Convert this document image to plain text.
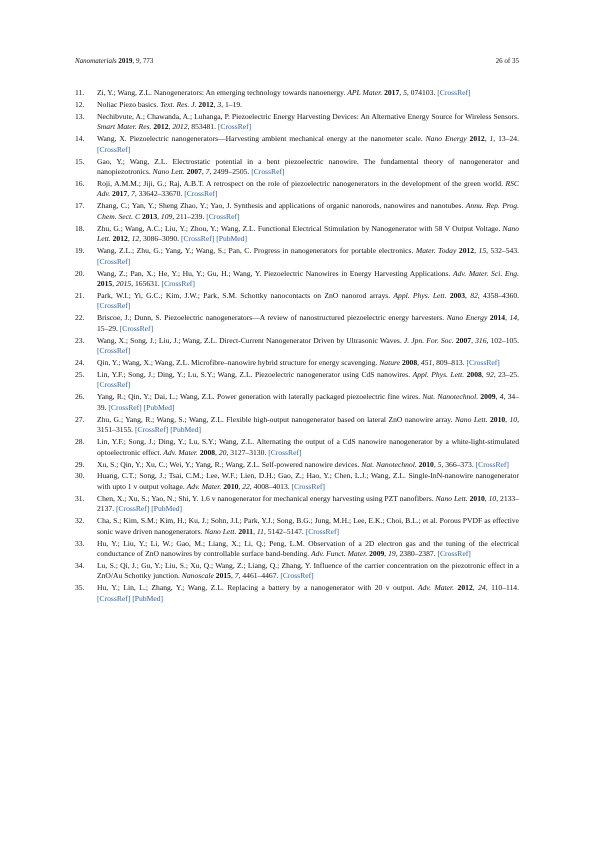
Nanomaterials 2019, 9, 773	26 of 35
11. Zi, Y.; Wang, Z.L. Nanogenerators: An emerging technology towards nanoenergy. APL Mater. 2017, 5, 074103. [CrossRef]
12. Noliac Piezo basics. Text. Res. J. 2012, 3, 1–19.
13. Nechibvute, A.; Chawanda, A.; Luhanga, P. Piezoelectric Energy Harvesting Devices: An Alternative Energy Source for Wireless Sensors. Smart Mater. Res. 2012, 2012, 853481. [CrossRef]
14. Wang, X. Piezoelectric nanogenerators—Harvesting ambient mechanical energy at the nanometer scale. Nano Energy 2012, 1, 13–24. [CrossRef]
15. Gao, Y.; Wang, Z.L. Electrostatic potential in a bent piezoelectric nanowire. The fundamental theory of nanogenerator and nanopiezotronics. Nano Lett. 2007, 7, 2499–2505. [CrossRef]
16. Roji, A.M.M.; Jiji, G.; Raj, A.B.T. A retrospect on the role of piezoelectric nanogenerators in the development of the green world. RSC Adv. 2017, 7, 33642–33670. [CrossRef]
17. Zhang, C.; Yan, Y.; Sheng Zhao, Y.; Yao, J. Synthesis and applications of organic nanorods, nanowires and nanotubes. Annu. Rep. Prog. Chem. Sect. C 2013, 109, 211–239. [CrossRef]
18. Zhu, G.; Wang, A.C.; Liu, Y.; Zhou, Y.; Wang, Z.L. Functional Electrical Stimulation by Nanogenerator with 58 V Output Voltage. Nano Lett. 2012, 12, 3086–3090. [CrossRef] [PubMed]
19. Wang, Z.L.; Zhu, G.; Yang, Y.; Wang, S.; Pan, C. Progress in nanogenerators for portable electronics. Mater. Today 2012, 15, 532–543. [CrossRef]
20. Wang, Z.; Pan, X.; He, Y.; Hu, Y.; Gu, H.; Wang, Y. Piezoelectric Nanowires in Energy Harvesting Applications. Adv. Mater. Sci. Eng. 2015, 2015, 165631. [CrossRef]
21. Park, W.I.; Yi, G.C.; Kim, J.W.; Park, S.M. Schottky nanocontacts on ZnO nanorod arrays. Appl. Phys. Lett. 2003, 82, 4358–4360. [CrossRef]
22. Briscoe, J.; Dunn, S. Piezoelectric nanogenerators—A review of nanostructured piezoelectric energy harvesters. Nano Energy 2014, 14, 15–29. [CrossRef]
23. Wang, X.; Song, J.; Liu, J.; Wang, Z.L. Direct-Current Nanogenerator Driven by Ultrasonic Waves. J. Jpn. For. Soc. 2007, 316, 102–105. [CrossRef]
24. Qin, Y.; Wang, X.; Wang, Z.L. Microfibre–nanowire hybrid structure for energy scavenging. Nature 2008, 451, 809–813. [CrossRef]
25. Lin, Y.F.; Song, J.; Ding, Y.; Lu, S.Y.; Wang, Z.L. Piezoelectric nanogenerator using CdS nanowires. Appl. Phys. Lett. 2008, 92, 23–25. [CrossRef]
26. Yang, R.; Qin, Y.; Dai, L.; Wang, Z.L. Power generation with laterally packaged piezoelectric fine wires. Nat. Nanotechnol. 2009, 4, 34–39. [CrossRef] [PubMed]
27. Zhu, G.; Yang, R.; Wang, S.; Wang, Z.L. Flexible high-output nanogenerator based on lateral ZnO nanowire array. Nano Lett. 2010, 10, 3151–3155. [CrossRef] [PubMed]
28. Lin, Y.F.; Song, J.; Ding, Y.; Lu, S.Y.; Wang, Z.L. Alternating the output of a CdS nanowire nanogenerator by a white-light-stimulated optoelectronic effect. Adv. Mater. 2008, 20, 3127–3130. [CrossRef]
29. Xu, S.; Qin, Y.; Xu, C.; Wei, Y.; Yang, R.; Wang, Z.L. Self-powered nanowire devices. Nat. Nanotechnol. 2010, 5, 366–373. [CrossRef]
30. Huang, C.T.; Song, J.; Tsai, C.M.; Lee, W.F.; Lien, D.H.; Gao, Z.; Hao, Y.; Chen, L.J.; Wang, Z.L. Single-InN-nanowire nanogenerator with upto 1 v output voltage. Adv. Mater. 2010, 22, 4008–4013. [CrossRef]
31. Chen, X.; Xu, S.; Yao, N.; Shi, Y. 1.6 v nanogenerator for mechanical energy harvesting using PZT nanofibers. Nano Lett. 2010, 10, 2133–2137. [CrossRef] [PubMed]
32. Cha, S.; Kim, S.M.; Kim, H.; Ku, J.; Sohn, J.I.; Park, Y.J.; Song, B.G.; Jung, M.H.; Lee, E.K.; Choi, B.L.; et al. Porous PVDF as effective sonic wave driven nanogenerators. Nano Lett. 2011, 11, 5142–5147. [CrossRef]
33. Hu, Y.; Liu, Y.; Li, W.; Gao, M.; Liang, X.; Li, Q.; Peng, L.M. Observation of a 2D electron gas and the tuning of the electrical conductance of ZnO nanowires by controllable surface band-bending. Adv. Funct. Mater. 2009, 19, 2380–2387. [CrossRef]
34. Lu, S.; Qi, J.; Gu, Y.; Liu, S.; Xu, Q.; Wang, Z.; Liang, Q.; Zhang, Y. Influence of the carrier concentration on the piezotronic effect in a ZnO/Au Schottky junction. Nanoscale 2015, 7, 4461–4467. [CrossRef]
35. Hu, Y.; Lin, L.; Zhang, Y.; Wang, Z.L. Replacing a battery by a nanogenerator with 20 v output. Adv. Mater. 2012, 24, 110–114. [CrossRef] [PubMed]
